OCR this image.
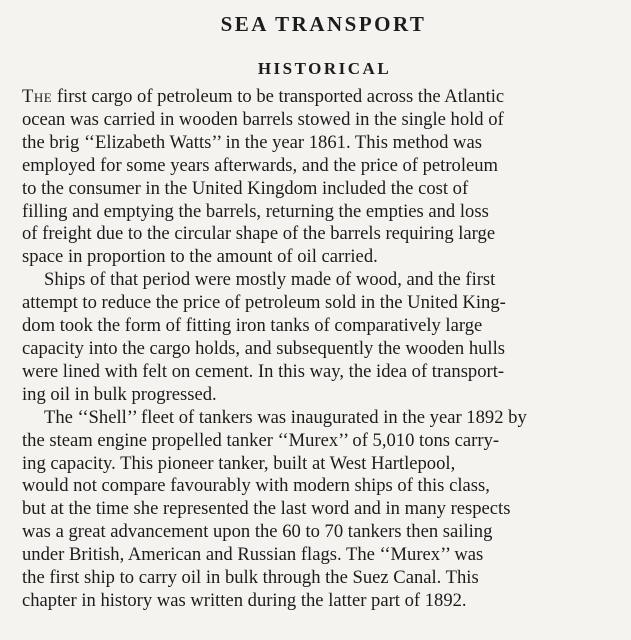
SEA TRANSPORT
HISTORICAL

The first cargo of petroleum to be transported across the Atlantic
ocean was carried in wooden barrels stowed in the single hold of
the brig ‘‘Elizabeth Watts’’ in the year 1861. This method was
employed for some years afterwards, and the price of petroleum
to the consumer in the United Kingdom included the cost of
filling and emptying the barrels, returning the empties and loss
of freight due to the circular shape of the barrels requiring large
space in proportion to the amount of oil carried.

Ships of that period were mostly made of wood, and the first
attempt to reduce the price of petroleum sold in the United King-
dom took the form of fitting iron tanks of comparatively large
capacity into the cargo holds, and subsequently the wooden hulls
were lined with felt on cement. In this way, the idea of transport-
ing oil in bulk progressed.

The ‘‘Shell’’ fleet of tankers was inaugurated in the year 1892 by
the steam engine propelled tanker ‘‘Murex’’ of 5,010 tons carry-
ing capacity. This pioneer tanker, built at West Hartlepool,
would not compare favourably with modern ships of this class,
but at the time she represented the last word and in many respects
was a great advancement upon the 60 to 70 tankers then sailing
under British, American and Russian flags. The ‘‘Murex’’ was
the first ship to carry oil in bulk through the Suez Canal. This
chapter in history was written during the latter part of 1892.
